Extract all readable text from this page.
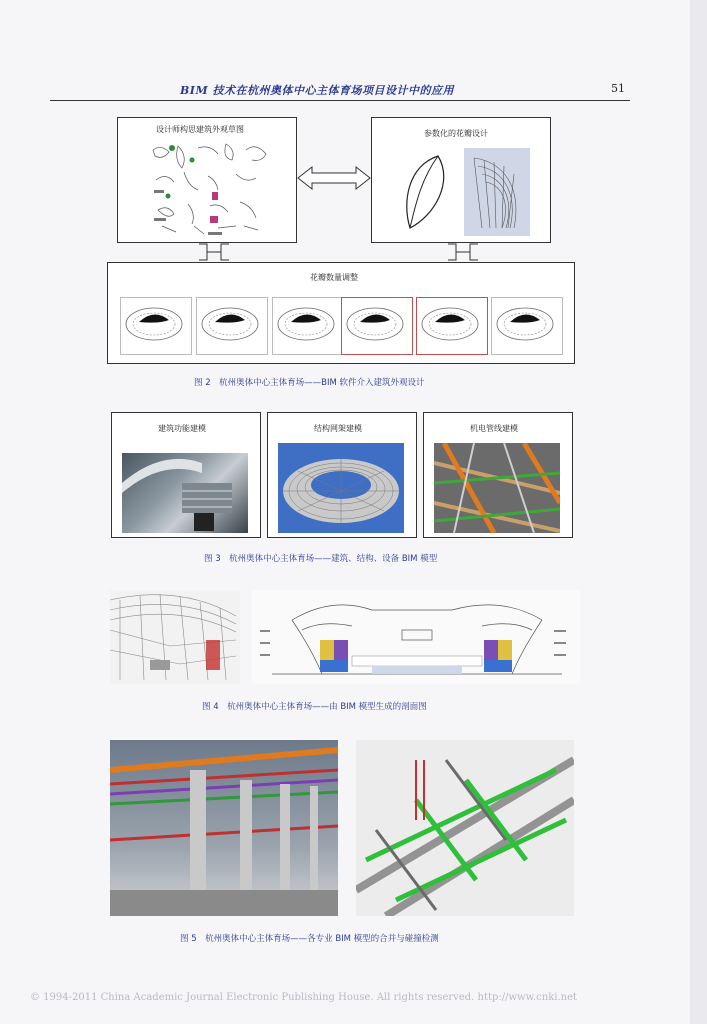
BIM 技术在杭州奥体中心主体育场项目设计中的应用	51
设计师构思建筑外观草图	参数化的花瓣设计
花瓣数量调整
图 2　杭州奥体中心主体育场——BIM 软件介入建筑外观设计
建筑功能建模	结构网架建模	机电管线建模
图 3　杭州奥体中心主体育场——建筑、结构、设备 BIM 模型
图 4　杭州奥体中心主体育场——由 BIM 模型生成的剖面图
图 5　杭州奥体中心主体育场——各专业 BIM 模型的合并与碰撞检测
© 1994-2011 China Academic Journal Electronic Publishing House. All rights reserved. http://www.cnki.net
